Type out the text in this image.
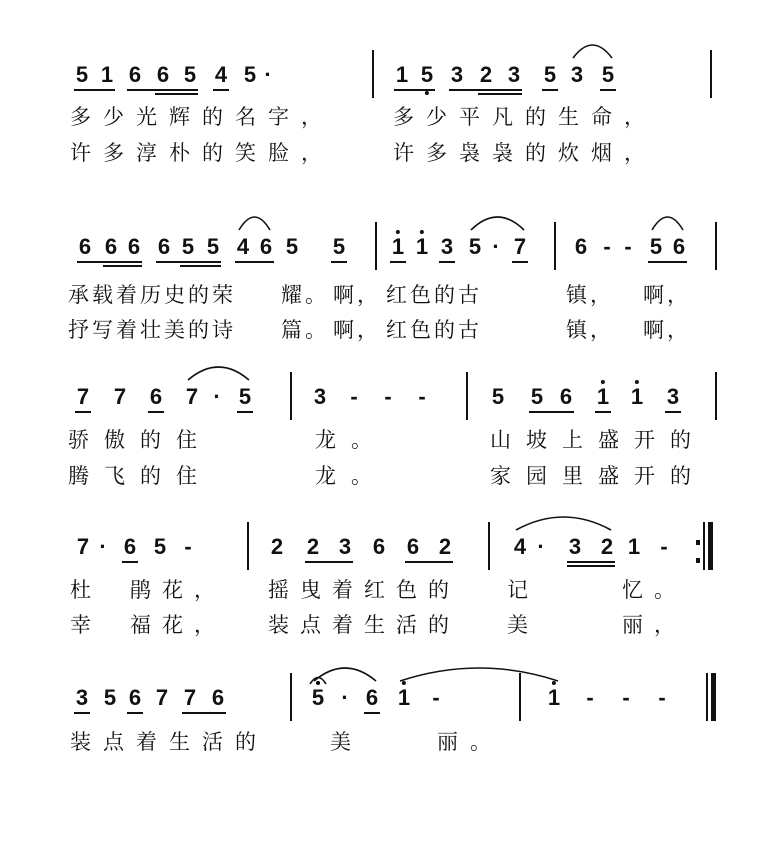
5 1 6 6 5 4 5 ·	1 5 3 2 3 5 3 5
多少光辉的名字，	多少平凡的生命，
许多淳朴的笑脸，	许多袅袅的炊烟，
6 6 6 6 5 5 4 6 5 5 1 1 3 5 · 7 6 - - 5 6
承载着历史的荣 耀。 啊， 红色的古	镇， 啊，
抒写着壮美的诗 篇。 啊， 红色的古	镇， 啊，
7 7 6 7 · 5	3 - - -	5 5 6 1 1 3
骄傲的住	龙。	山坡上盛开的
腾飞的住	龙。	家园里盛开的
7 · 6 5 -	2 2 3 6 6 2	4 · 3 2 1 -
杜 鹃花， 摇曳着红色的 记	忆。
幸 福花， 装点着生活的 美	丽，
3 5 6 7 7 6	5 · 6 1 -	1 - - -
装点着生活的	美	丽。
